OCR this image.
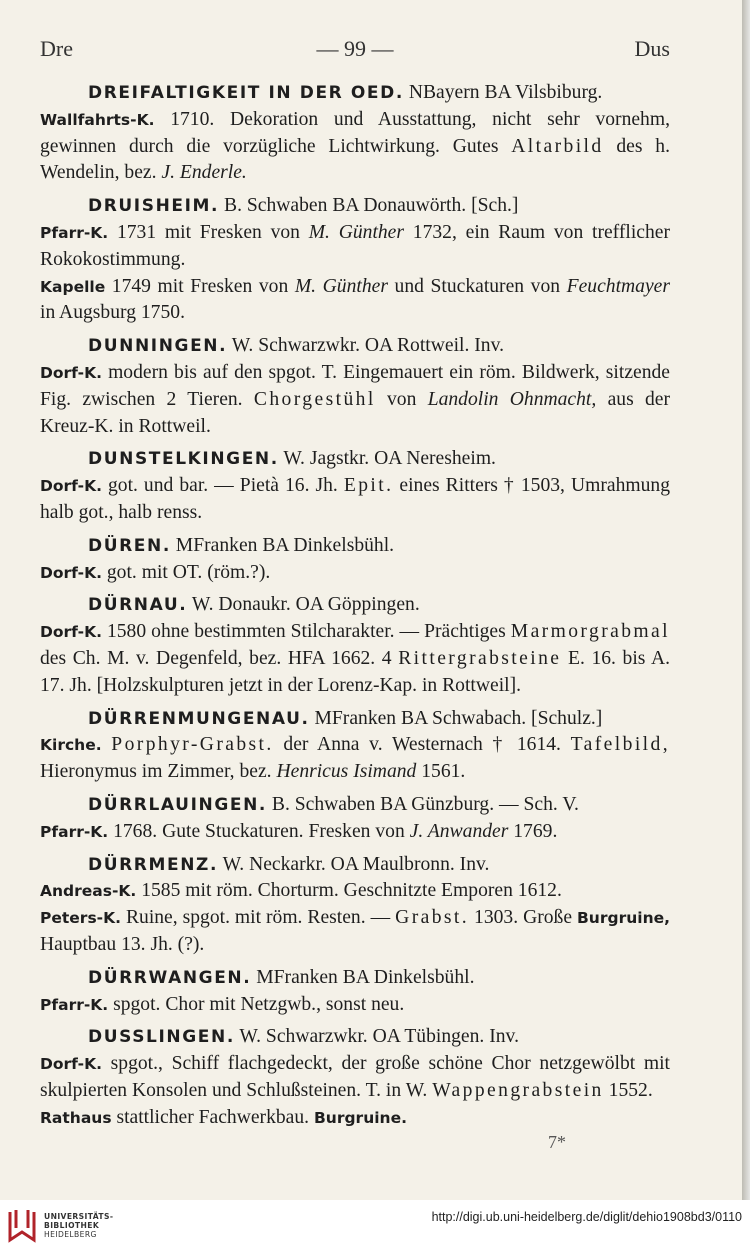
Dre	— 99 —	Dus

DREIFALTIGKEIT IN DER OED. NBayern BA Vilsbiburg.

Wallfahrts-K. 1710. Dekoration und Ausstattung, nicht sehr vornehm, gewinnen durch die vorzügliche Lichtwirkung. Gutes Altarbild des h. Wendelin, bez. J. Enderle.

DRUISHEIM. B. Schwaben BA Donauwörth. [Sch.]

Pfarr-K. 1731 mit Fresken von M. Günther 1732, ein Raum von trefflicher Rokokostimmung.

Kapelle 1749 mit Fresken von M. Günther und Stuckaturen von Feuchtmayer in Augsburg 1750.

DUNNINGEN. W. Schwarzwkr. OA Rottweil. Inv.

Dorf-K. modern bis auf den spgot. T. Eingemauert ein röm. Bildwerk, sitzende Fig. zwischen 2 Tieren. Chorgestühl von Landolin Ohnmacht, aus der Kreuz-K. in Rottweil.

DUNSTELKINGEN. W. Jagstkr. OA Neresheim.

Dorf-K. got. und bar. — Pietà 16. Jh. Epit. eines Ritters † 1503, Umrahmung halb got., halb renss.

DÜREN. MFranken BA Dinkelsbühl.

Dorf-K. got. mit OT. (röm.?).

DÜRNAU. W. Donaukr. OA Göppingen.

Dorf-K. 1580 ohne bestimmten Stilcharakter. — Prächtiges Marmorgrabmal des Ch. M. v. Degenfeld, bez. HFA 1662. 4 Rittergrabsteine E. 16. bis A. 17. Jh. [Holzskulpturen jetzt in der Lorenz-Kap. in Rottweil].

DÜRRENMUNGENAU. MFranken BA Schwabach. [Schulz.]

Kirche. Porphyr-Grabst. der Anna v. Westernach † 1614. Tafelbild, Hieronymus im Zimmer, bez. Henricus Isimand 1561.

DÜRRLAUINGEN. B. Schwaben BA Günzburg. — Sch. V.

Pfarr-K. 1768. Gute Stuckaturen. Fresken von J. Anwander 1769.

DÜRRMENZ. W. Neckarkr. OA Maulbronn. Inv.

Andreas-K. 1585 mit röm. Chorturm. Geschnitzte Emporen 1612.

Peters-K. Ruine, spgot. mit röm. Resten. — Grabst. 1303. Große Burgruine, Hauptbau 13. Jh. (?).

DÜRRWANGEN. MFranken BA Dinkelsbühl.

Pfarr-K. spgot. Chor mit Netzgwb., sonst neu.

DUSSLINGEN. W. Schwarzwkr. OA Tübingen. Inv.

Dorf-K. spgot., Schiff flachgedeckt, der große schöne Chor netzgewölbt mit skulpierten Konsolen und Schlußsteinen. T. in W. Wappengrabstein 1552.

Rathaus stattlicher Fachwerkbau. Burgruine.

7*
UNIVERSITÄTS-
BIBLIOTHEK
HEIDELBERG
http://digi.ub.uni-heidelberg.de/diglit/dehio1908bd3/0110
